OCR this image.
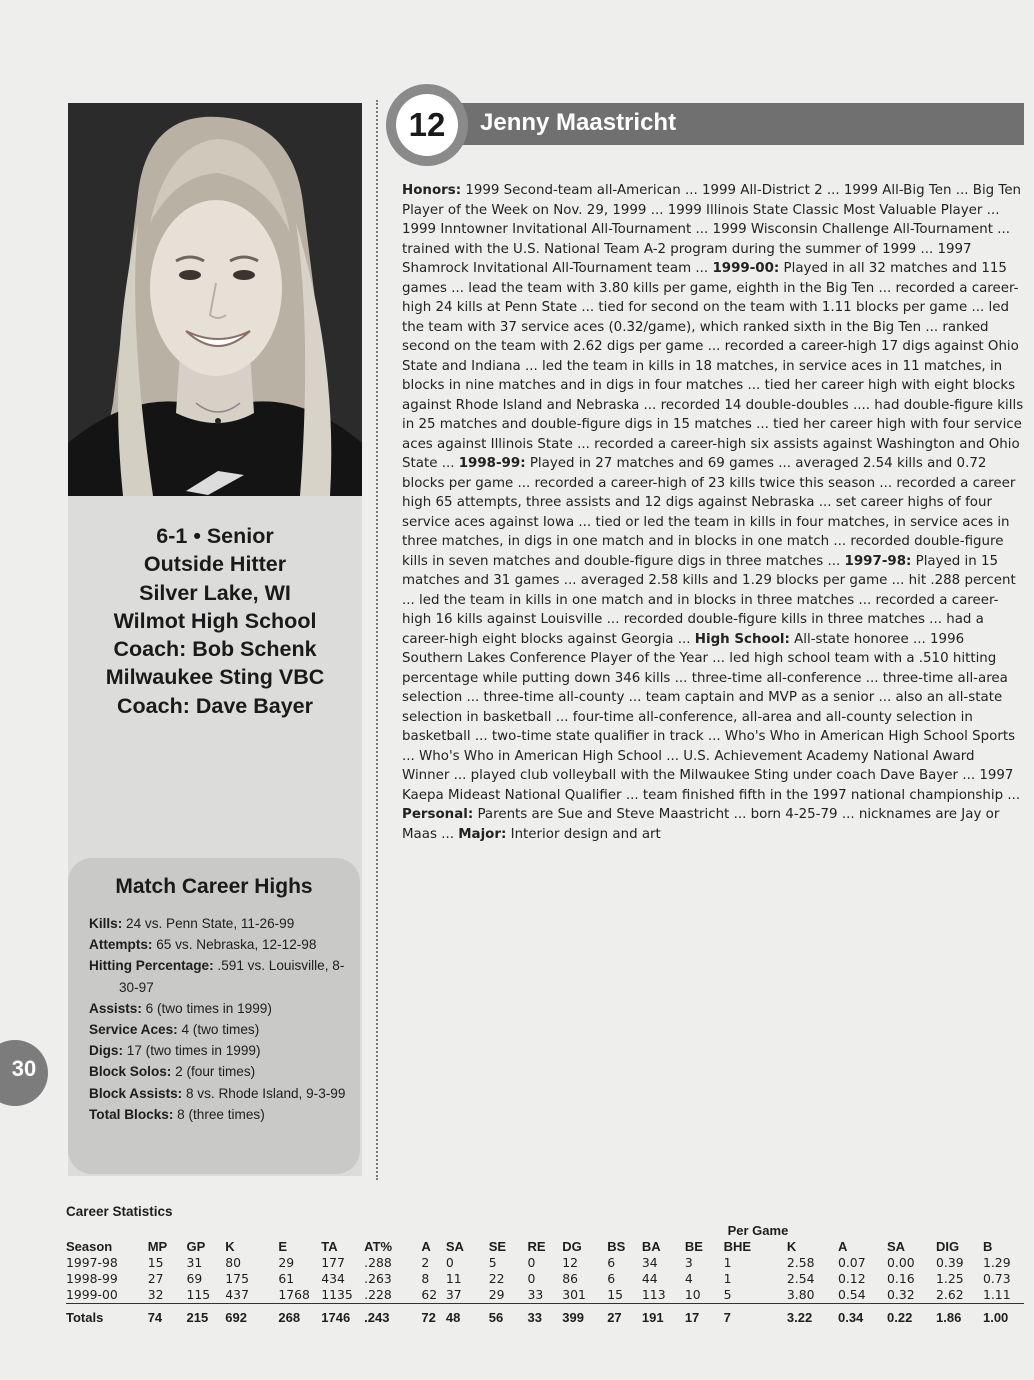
6-1 • Senior
Outside Hitter
Silver Lake, WI
Wilmot High School
Coach: Bob Schenk
Milwaukee Sting VBC
Coach: Dave Bayer
Match Career Highs
Kills: 24 vs. Penn State, 11-26-99
Attempts: 65 vs. Nebraska, 12-12-98
Hitting Percentage: .591 vs. Louisville, 8-30-97
Assists: 6 (two times in 1999)
Service Aces: 4 (two times)
Digs: 17 (two times in 1999)
Block Solos: 2 (four times)
Block Assists: 8 vs. Rhode Island, 9-3-99
Total Blocks: 8 (three times)
Jenny Maastricht
12
Honors: 1999 Second-team all-American ... 1999 All-District 2 ... 1999 All-Big Ten ... Big Ten Player of the Week on Nov. 29, 1999 ... 1999 Illinois State Classic Most Valuable Player ... 1999 Inntowner Invitational All-Tournament ... 1999 Wisconsin Challenge All-Tournament ... trained with the U.S. National Team A-2 program during the summer of 1999 ... 1997 Shamrock Invitational All-Tournament team ... 1999-00: Played in all 32 matches and 115 games ... lead the team with 3.80 kills per game, eighth in the Big Ten ... recorded a career-high 24 kills at Penn State ... tied for second on the team with 1.11 blocks per game ... led the team with 37 service aces (0.32/game), which ranked sixth in the Big Ten ... ranked second on the team with 2.62 digs per game ... recorded a career-high 17 digs against Ohio State and Indiana ... led the team in kills in 18 matches, in service aces in 11 matches, in blocks in nine matches and in digs in four matches ... tied her career high with eight blocks against Rhode Island and Nebraska ... recorded 14 double-doubles .... had double-figure kills in 25 matches and double-figure digs in 15 matches ... tied her career high with four service aces against Illinois State ... recorded a career-high six assists against Washington and Ohio State ... 1998-99: Played in 27 matches and 69 games ... averaged 2.54 kills and 0.72 blocks per game ... recorded a career-high of 23 kills twice this season ... recorded a career high 65 attempts, three assists and 12 digs against Nebraska ... set career highs of four service aces against Iowa ... tied or led the team in kills in four matches, in service aces in three matches, in digs in one match and in blocks in one match ... recorded double-figure kills in seven matches and double-figure digs in three matches ... 1997-98: Played in 15 matches and 31 games ... averaged 2.58 kills and 1.29 blocks per game ... hit .288 percent ... led the team in kills in one match and in blocks in three matches ... recorded a career-high 16 kills against Louisville ... recorded double-figure kills in three matches ... had a career-high eight blocks against Georgia ... High School: All-state honoree ... 1996 Southern Lakes Conference Player of the Year ... led high school team with a .510 hitting percentage while putting down 346 kills ... three-time all-conference ... three-time all-area selection ... three-time all-county ... team captain and MVP as a senior ... also an all-state selection in basketball ... four-time all-conference, all-area and all-county selection in basketball ... two-time state qualifier in track ... Who's Who in American High School Sports ... Who's Who in American High School ... U.S. Achievement Academy National Award Winner ... played club volleyball with the Milwaukee Sting under coach Dave Bayer ... 1997 Kaepa Mideast National Qualifier ... team finished fifth in the 1997 national championship ... Personal: Parents are Sue and Steve Maastricht ... born 4-25-79 ... nicknames are Jay or Maas ... Major: Interior design and art
30
Career Statistics
															Per Game					
Season	MP	GP	K	E	TA	AT%	A	SA	SE	RE	DG	BS	BA	BE	BHE	K	A	SA	DIG	B
1997-98	15	31	80	29	177	.288	2	0	5	0	12	6	34	3	1	2.58	0.07	0.00	0.39	1.29
1998-99	27	69	175	61	434	.263	8	11	22	0	86	6	44	4	1	2.54	0.12	0.16	1.25	0.73
1999-00	32	115	437	1768	1135	.228	62	37	29	33	301	15	113	10	5	3.80	0.54	0.32	2.62	1.11
Totals	74	215	692	268	1746	.243	72	48	56	33	399	27	191	17	7	3.22	0.34	0.22	1.86	1.00
